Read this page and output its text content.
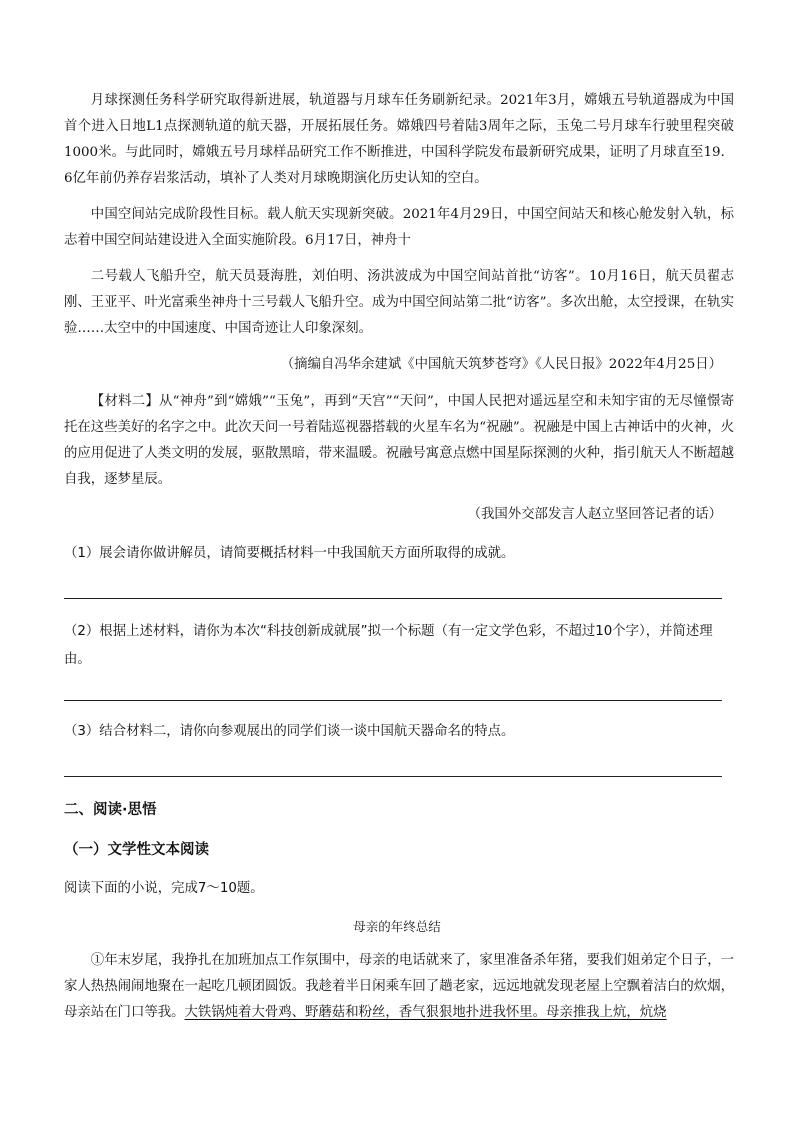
月球探测任务科学研究取得新进展，轨道器与月球车任务刷新纪录。2021年3月，嫦娥五号轨道器成为中国首个进入日地L1点探测轨道的航天器，开展拓展任务。嫦娥四号着陆3周年之际，玉兔二号月球车行驶里程突破1000米。与此同时，嫦娥五号月球样品研究工作不断推进，中国科学院发布最新研究成果，证明了月球直至19．6亿年前仍养存岩浆活动，填补了人类对月球晚期演化历史认知的空白。

中国空间站完成阶段性目标。载人航天实现新突破。2021年4月29日，中国空间站天和核心舱发射入轨，标志着中国空间站建设进入全面实施阶段。6月17日，神舟十

二号载人飞船升空，航天员聂海胜，刘伯明、汤洪波成为中国空间站首批“访客”。10月16日，航天员翟志刚、王亚平、叶光富乘坐神舟十三号载人飞船升空。成为中国空间站第二批“访客”。多次出舱，太空授课，在轨实验……太空中的中国速度、中国奇迹让人印象深刻。

（摘编自冯华余建斌《中国航天筑梦苍穹》《人民日报》2022年4月25日）

【材料二】从“神舟”到“嫦娥”“玉兔”，再到“天宫”“天问”，中国人民把对遥远星空和未知宇宙的无尽憧憬寄托在这些美好的名字之中。此次天问一号着陆巡视器搭载的火星车名为“祝融”。祝融是中国上古神话中的火神，火的应用促进了人类文明的发展，驱散黑暗，带来温暖。祝融号寓意点燃中国星际探测的火种，指引航天人不断超越自我，逐梦星辰。

（我国外交部发言人赵立坚回答记者的话）

（1）展会请你做讲解员，请简要概括材料一中我国航天方面所取得的成就。

（2）根据上述材料，请你为本次“科技创新成就展”拟一个标题（有一定文学色彩，不超过10个字），并简述理由。

（3）结合材料二，请你向参观展出的同学们谈一谈中国航天器命名的特点。

二、阅读·思悟

（一）文学性文本阅读

阅读下面的小说，完成7～10题。

母亲的年终总结

①年末岁尾，我挣扎在加班加点工作氛围中，母亲的电话就来了，家里准备杀年猪，要我们姐弟定个日子，一家人热热闹闹地聚在一起吃几顿团圆饭。我趁着半日闲乘车回了趟老家，远远地就发现老屋上空飘着洁白的炊烟，母亲站在门口等我。大铁锅炖着大骨鸡、野蘑菇和粉丝，香气狠狠地扑进我怀里。母亲推我上炕，炕烧
